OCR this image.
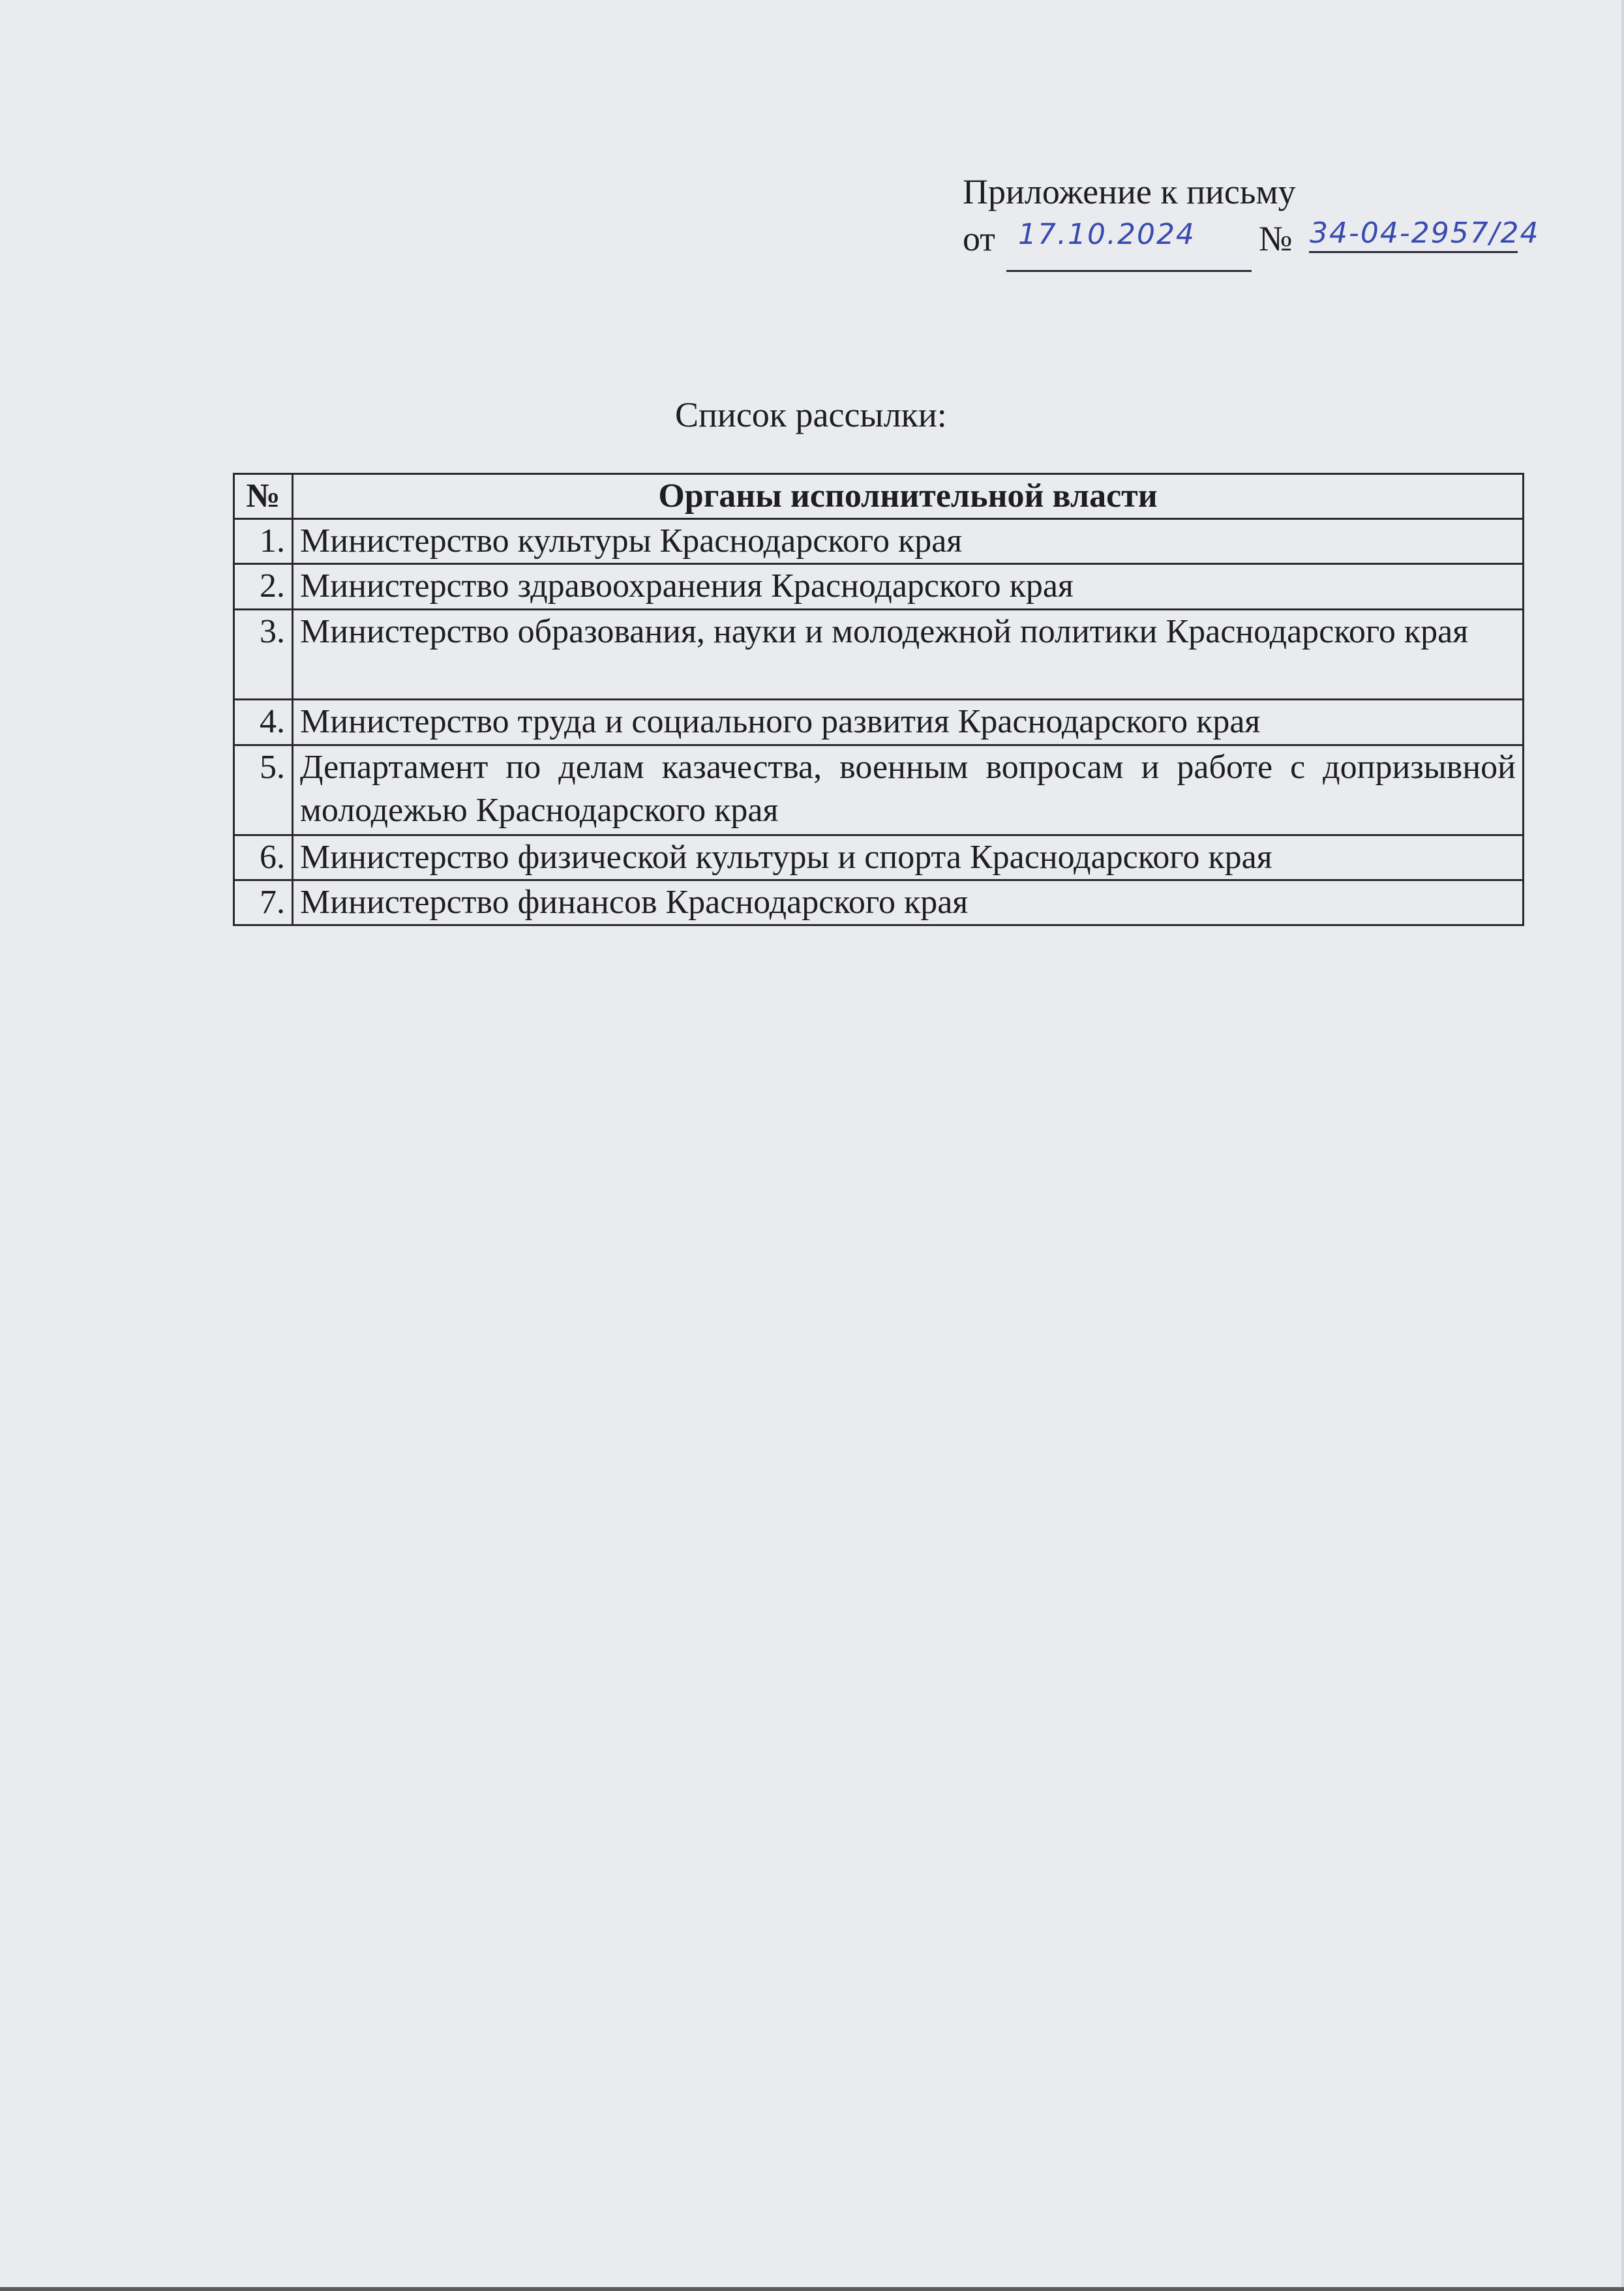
Приложение к письму
от 17.10.2024 № 34-04-2957/24
Список рассылки:
№	Органы исполнительной власти
1.	Министерство культуры Краснодарского края
2.	Министерство здравоохранения Краснодарского края
3.	Министерство образования, науки и молодежной политики Краснодарского края
4.	Министерство труда и социального развития Краснодарского края
5.	Департамент по делам казачества, военным вопросам и работе с допризывной молодежью Краснодарского края
6.	Министерство физической культуры и спорта Краснодарского края
7.	Министерство финансов Краснодарского края
